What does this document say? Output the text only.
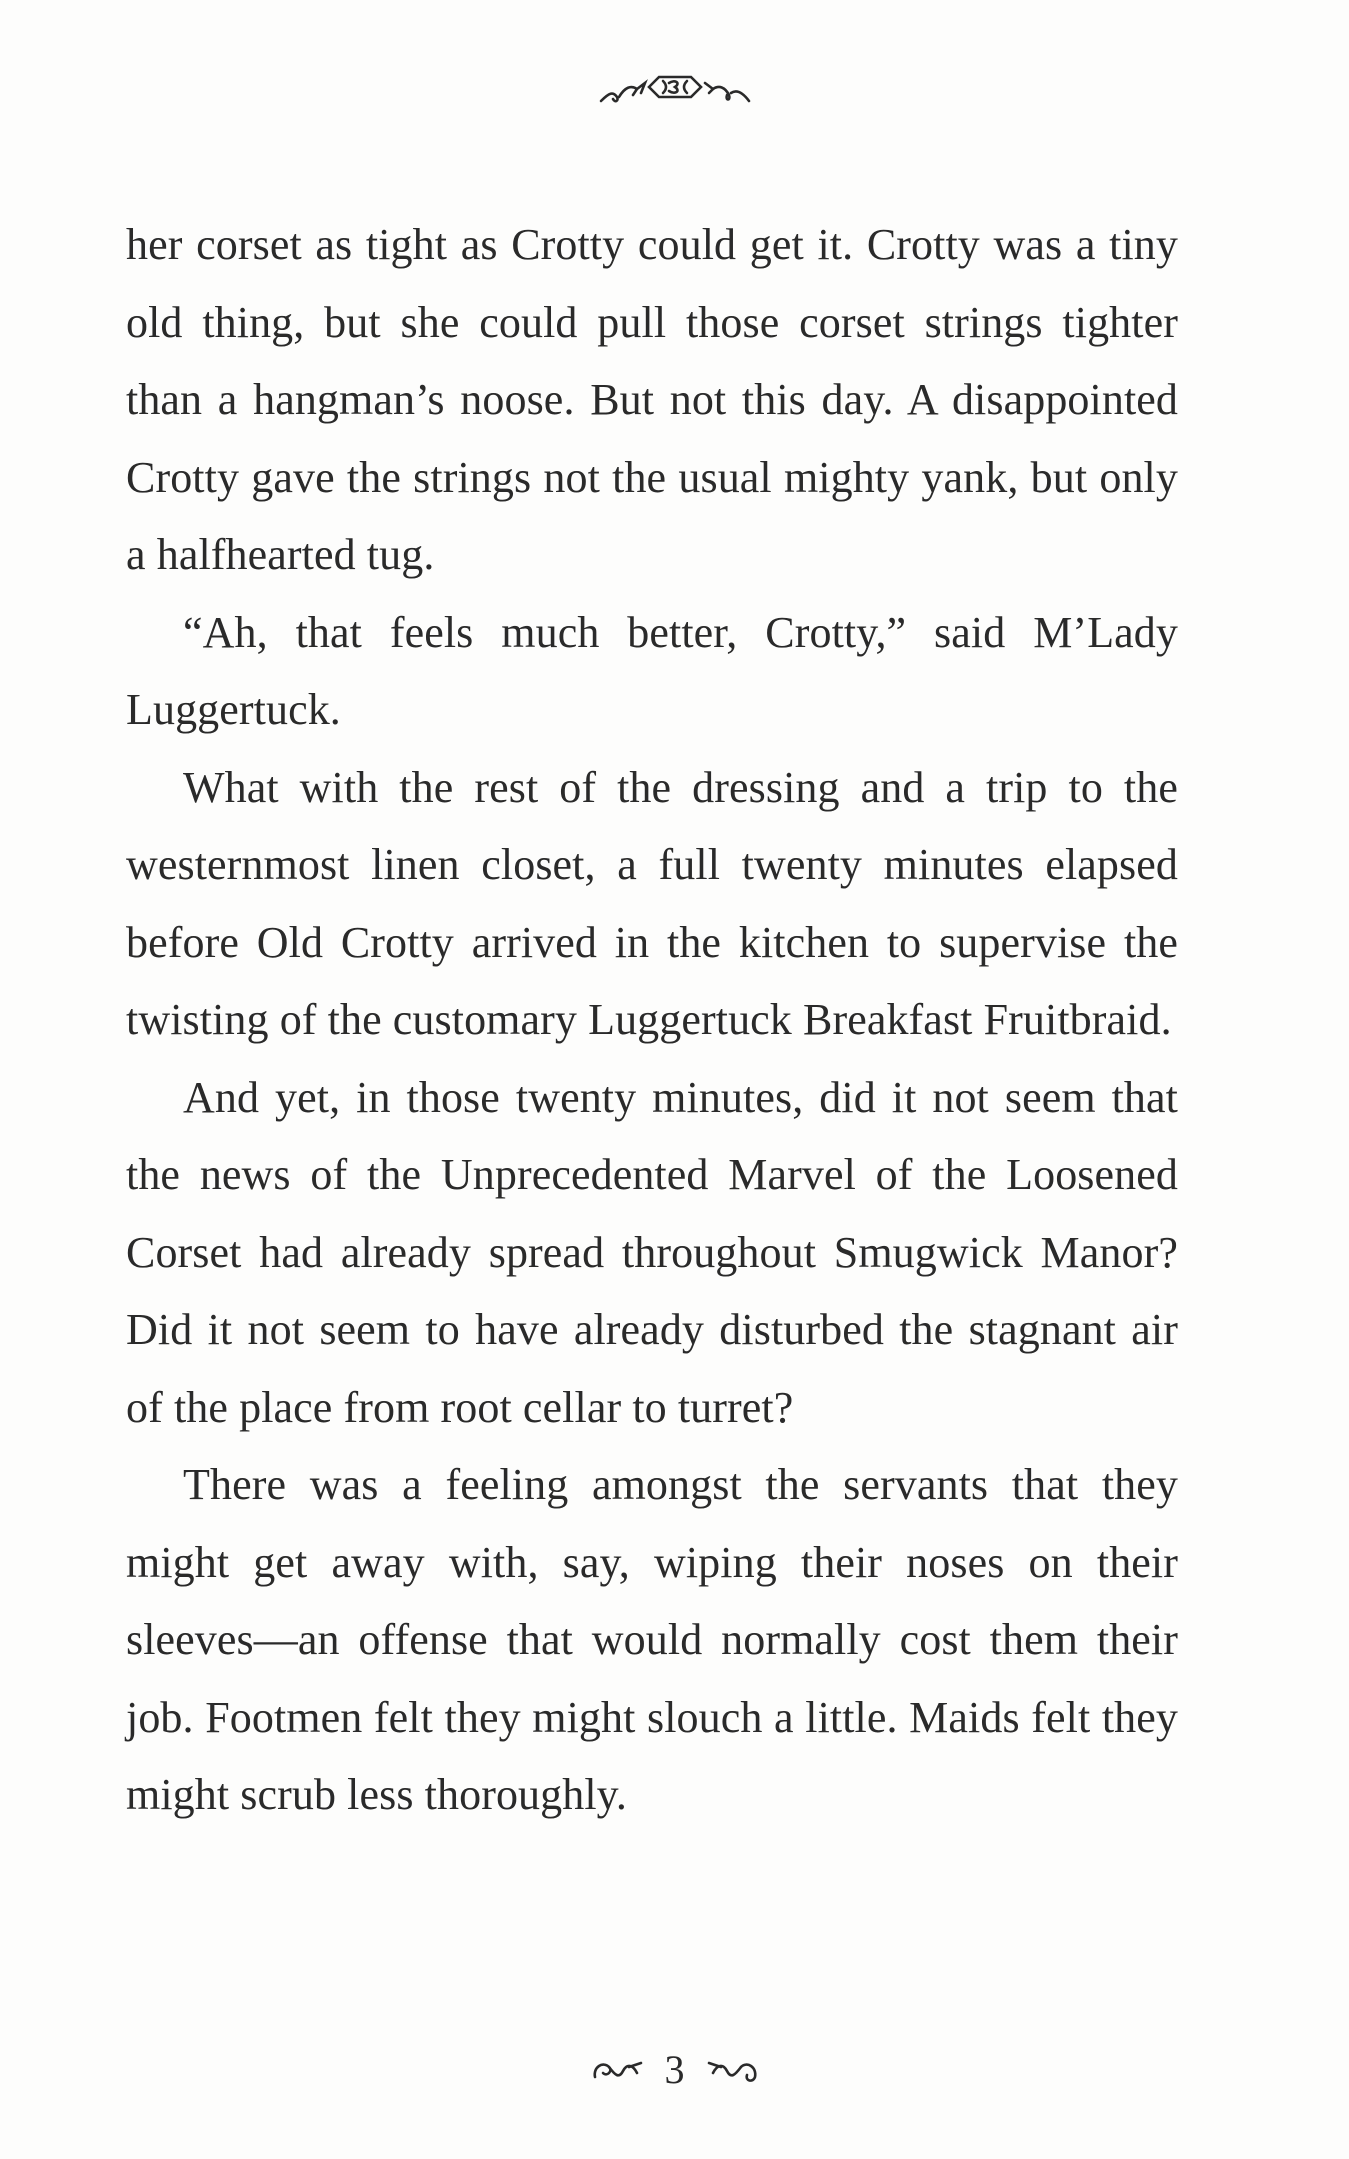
her corset as tight as Crotty could get it. Crotty was a tiny old thing, but she could pull those corset strings tighter than a hangman’s noose. But not this day. A disappointed Crotty gave the strings not the usual mighty yank, but only a halfhearted tug.

“Ah, that feels much better, Crotty,” said M’Lady Luggertuck.

What with the rest of the dressing and a trip to the westernmost linen closet, a full twenty minutes elapsed before Old Crotty arrived in the kitchen to supervise the twisting of the customary Luggertuck Breakfast Fruitbraid.

And yet, in those twenty minutes, did it not seem that the news of the Unprecedented Marvel of the Loosened Corset had already spread throughout Smugwick Manor? Did it not seem to have already disturbed the stagnant air of the place from root cellar to turret?

There was a feeling amongst the servants that they might get away with, say, wiping their noses on their sleeves—an offense that would normally cost them their job. Footmen felt they might slouch a little. Maids felt they might scrub less thoroughly.

3
